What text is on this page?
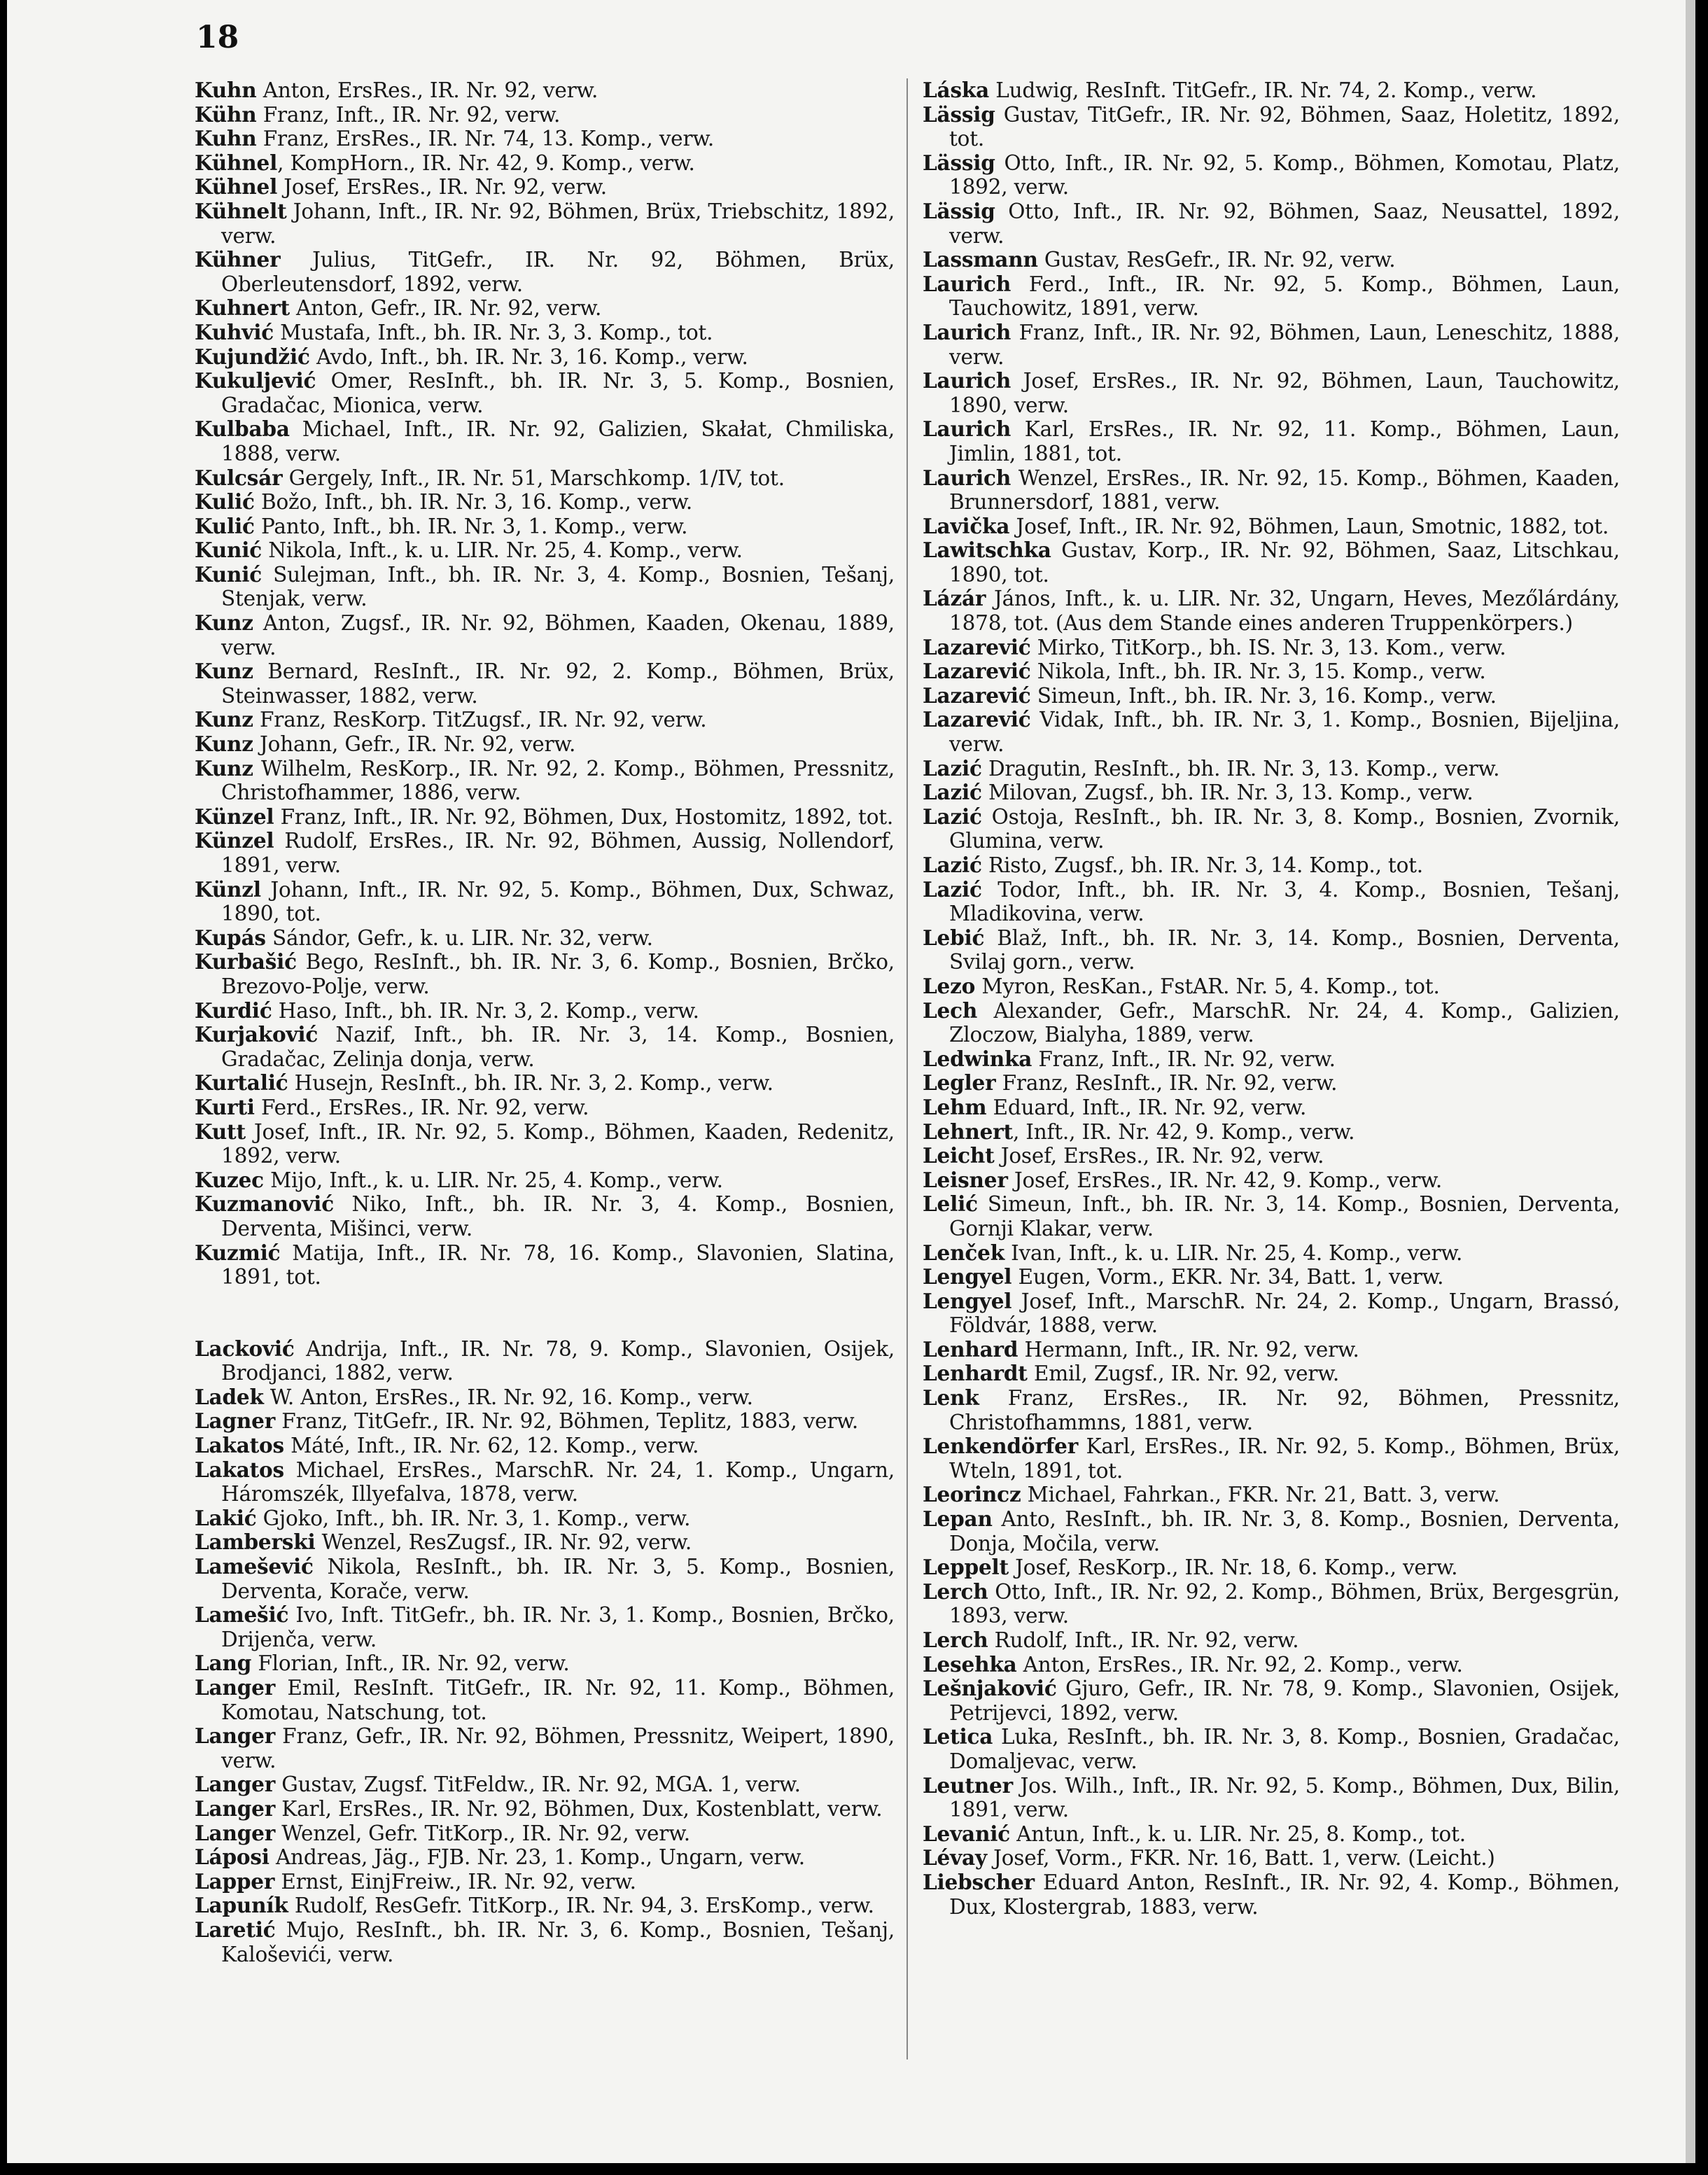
18

Kuhn Anton, ErsRes., IR. Nr. 92, verw.

Kühn Franz, Inft., IR. Nr. 92, verw.

Kuhn Franz, ErsRes., IR. Nr. 74, 13. Komp., verw.

Kühnel, KompHorn., IR. Nr. 42, 9. Komp., verw.

Kühnel Josef, ErsRes., IR. Nr. 92, verw.

Kühnelt Johann, Inft., IR. Nr. 92, Böhmen, Brüx, Triebschitz, 1892, verw.

Kühner Julius, TitGefr., IR. Nr. 92, Böhmen, Brüx, Oberleutensdorf, 1892, verw.

Kuhnert Anton, Gefr., IR. Nr. 92, verw.

Kuhvić Mustafa, Inft., bh. IR. Nr. 3, 3. Komp., tot.

Kujundžić Avdo, Inft., bh. IR. Nr. 3, 16. Komp., verw.

Kukuljević Omer, ResInft., bh. IR. Nr. 3, 5. Komp., Bosnien, Gradačac, Mionica, verw.

Kulbaba Michael, Inft., IR. Nr. 92, Galizien, Skałat, Chmiliska, 1888, verw.

Kulcsár Gergely, Inft., IR. Nr. 51, Marschkomp. 1/IV, tot.

Kulić Božo, Inft., bh. IR. Nr. 3, 16. Komp., verw.

Kulić Panto, Inft., bh. IR. Nr. 3, 1. Komp., verw.

Kunić Nikola, Inft., k. u. LIR. Nr. 25, 4. Komp., verw.

Kunić Sulejman, Inft., bh. IR. Nr. 3, 4. Komp., Bosnien, Tešanj, Stenjak, verw.

Kunz Anton, Zugsf., IR. Nr. 92, Böhmen, Kaaden, Okenau, 1889, verw.

Kunz Bernard, ResInft., IR. Nr. 92, 2. Komp., Böhmen, Brüx, Steinwasser, 1882, verw.

Kunz Franz, ResKorp. TitZugsf., IR. Nr. 92, verw.

Kunz Johann, Gefr., IR. Nr. 92, verw.

Kunz Wilhelm, ResKorp., IR. Nr. 92, 2. Komp., Böhmen, Pressnitz, Christofhammer, 1886, verw.

Künzel Franz, Inft., IR. Nr. 92, Böhmen, Dux, Hostomitz, 1892, tot.

Künzel Rudolf, ErsRes., IR. Nr. 92, Böhmen, Aussig, Nollendorf, 1891, verw.

Künzl Johann, Inft., IR. Nr. 92, 5. Komp., Böhmen, Dux, Schwaz, 1890, tot.

Kupás Sándor, Gefr., k. u. LIR. Nr. 32, verw.

Kurbašić Bego, ResInft., bh. IR. Nr. 3, 6. Komp., Bosnien, Brčko, Brezovo-Polje, verw.

Kurdić Haso, Inft., bh. IR. Nr. 3, 2. Komp., verw.

Kurjaković Nazif, Inft., bh. IR. Nr. 3, 14. Komp., Bosnien, Gradačac, Zelinja donja, verw.

Kurtalić Husejn, ResInft., bh. IR. Nr. 3, 2. Komp., verw.

Kurti Ferd., ErsRes., IR. Nr. 92, verw.

Kutt Josef, Inft., IR. Nr. 92, 5. Komp., Böhmen, Kaaden, Redenitz, 1892, verw.

Kuzec Mijo, Inft., k. u. LIR. Nr. 25, 4. Komp., verw.

Kuzmanović Niko, Inft., bh. IR. Nr. 3, 4. Komp., Bosnien, Derventa, Mišinci, verw.

Kuzmić Matija, Inft., IR. Nr. 78, 16. Komp., Slavonien, Slatina, 1891, tot.

Lacković Andrija, Inft., IR. Nr. 78, 9. Komp., Slavonien, Osijek, Brodjanci, 1882, verw.

Ladek W. Anton, ErsRes., IR. Nr. 92, 16. Komp., verw.

Lagner Franz, TitGefr., IR. Nr. 92, Böhmen, Teplitz, 1883, verw.

Lakatos Máté, Inft., IR. Nr. 62, 12. Komp., verw.

Lakatos Michael, ErsRes., MarschR. Nr. 24, 1. Komp., Ungarn, Háromszék, Illyefalva, 1878, verw.

Lakić Gjoko, Inft., bh. IR. Nr. 3, 1. Komp., verw.

Lamberski Wenzel, ResZugsf., IR. Nr. 92, verw.

Lamešević Nikola, ResInft., bh. IR. Nr. 3, 5. Komp., Bosnien, Derventa, Korače, verw.

Lamešić Ivo, Inft. TitGefr., bh. IR. Nr. 3, 1. Komp., Bosnien, Brčko, Drijenča, verw.

Lang Florian, Inft., IR. Nr. 92, verw.

Langer Emil, ResInft. TitGefr., IR. Nr. 92, 11. Komp., Böhmen, Komotau, Natschung, tot.

Langer Franz, Gefr., IR. Nr. 92, Böhmen, Pressnitz, Weipert, 1890, verw.

Langer Gustav, Zugsf. TitFeldw., IR. Nr. 92, MGA. 1, verw.

Langer Karl, ErsRes., IR. Nr. 92, Böhmen, Dux, Kostenblatt, verw.

Langer Wenzel, Gefr. TitKorp., IR. Nr. 92, verw.

Láposi Andreas, Jäg., FJB. Nr. 23, 1. Komp., Ungarn, verw.

Lapper Ernst, EinjFreiw., IR. Nr. 92, verw.

Lapuník Rudolf, ResGefr. TitKorp., IR. Nr. 94, 3. ErsKomp., verw.

Laretić Mujo, ResInft., bh. IR. Nr. 3, 6. Komp., Bosnien, Tešanj, Kaloševići, verw.

Láska Ludwig, ResInft. TitGefr., IR. Nr. 74, 2. Komp., verw.

Lässig Gustav, TitGefr., IR. Nr. 92, Böhmen, Saaz, Holetitz, 1892, tot.

Lässig Otto, Inft., IR. Nr. 92, 5. Komp., Böhmen, Komotau, Platz, 1892, verw.

Lässig Otto, Inft., IR. Nr. 92, Böhmen, Saaz, Neusattel, 1892, verw.

Lassmann Gustav, ResGefr., IR. Nr. 92, verw.

Laurich Ferd., Inft., IR. Nr. 92, 5. Komp., Böhmen, Laun, Tauchowitz, 1891, verw.

Laurich Franz, Inft., IR. Nr. 92, Böhmen, Laun, Leneschitz, 1888, verw.

Laurich Josef, ErsRes., IR. Nr. 92, Böhmen, Laun, Tauchowitz, 1890, verw.

Laurich Karl, ErsRes., IR. Nr. 92, 11. Komp., Böhmen, Laun, Jimlin, 1881, tot.

Laurich Wenzel, ErsRes., IR. Nr. 92, 15. Komp., Böhmen, Kaaden, Brunnersdorf, 1881, verw.

Lavička Josef, Inft., IR. Nr. 92, Böhmen, Laun, Smotnic, 1882, tot.

Lawitschka Gustav, Korp., IR. Nr. 92, Böhmen, Saaz, Litschkau, 1890, tot.

Lázár János, Inft., k. u. LIR. Nr. 32, Ungarn, Heves, Mezőlárdány, 1878, tot. (Aus dem Stande eines anderen Truppenkörpers.)

Lazarević Mirko, TitKorp., bh. IS. Nr. 3, 13. Kom., verw.

Lazarević Nikola, Inft., bh. IR. Nr. 3, 15. Komp., verw.

Lazarević Simeun, Inft., bh. IR. Nr. 3, 16. Komp., verw.

Lazarević Vidak, Inft., bh. IR. Nr. 3, 1. Komp., Bosnien, Bijeljina, verw.

Lazić Dragutin, ResInft., bh. IR. Nr. 3, 13. Komp., verw.

Lazić Milovan, Zugsf., bh. IR. Nr. 3, 13. Komp., verw.

Lazić Ostoja, ResInft., bh. IR. Nr. 3, 8. Komp., Bosnien, Zvornik, Glumina, verw.

Lazić Risto, Zugsf., bh. IR. Nr. 3, 14. Komp., tot.

Lazić Todor, Inft., bh. IR. Nr. 3, 4. Komp., Bosnien, Tešanj, Mladikovina, verw.

Lebić Blaž, Inft., bh. IR. Nr. 3, 14. Komp., Bosnien, Derventa, Svilaj gorn., verw.

Lezo Myron, ResKan., FstAR. Nr. 5, 4. Komp., tot.

Lech Alexander, Gefr., MarschR. Nr. 24, 4. Komp., Galizien, Zloczow, Bialyha, 1889, verw.

Ledwinka Franz, Inft., IR. Nr. 92, verw.

Legler Franz, ResInft., IR. Nr. 92, verw.

Lehm Eduard, Inft., IR. Nr. 92, verw.

Lehnert, Inft., IR. Nr. 42, 9. Komp., verw.

Leicht Josef, ErsRes., IR. Nr. 92, verw.

Leisner Josef, ErsRes., IR. Nr. 42, 9. Komp., verw.

Lelić Simeun, Inft., bh. IR. Nr. 3, 14. Komp., Bosnien, Derventa, Gornji Klakar, verw.

Lenček Ivan, Inft., k. u. LIR. Nr. 25, 4. Komp., verw.

Lengyel Eugen, Vorm., EKR. Nr. 34, Batt. 1, verw.

Lengyel Josef, Inft., MarschR. Nr. 24, 2. Komp., Ungarn, Brassó, Földvár, 1888, verw.

Lenhard Hermann, Inft., IR. Nr. 92, verw.

Lenhardt Emil, Zugsf., IR. Nr. 92, verw.

Lenk Franz, ErsRes., IR. Nr. 92, Böhmen, Pressnitz, Christofhammns, 1881, verw.

Lenkendörfer Karl, ErsRes., IR. Nr. 92, 5. Komp., Böhmen, Brüx, Wteln, 1891, tot.

Leorincz Michael, Fahrkan., FKR. Nr. 21, Batt. 3, verw.

Lepan Anto, ResInft., bh. IR. Nr. 3, 8. Komp., Bosnien, Derventa, Donja, Močila, verw.

Leppelt Josef, ResKorp., IR. Nr. 18, 6. Komp., verw.

Lerch Otto, Inft., IR. Nr. 92, 2. Komp., Böhmen, Brüx, Bergesgrün, 1893, verw.

Lerch Rudolf, Inft., IR. Nr. 92, verw.

Lesehka Anton, ErsRes., IR. Nr. 92, 2. Komp., verw.

Lešnjaković Gjuro, Gefr., IR. Nr. 78, 9. Komp., Slavonien, Osijek, Petrijevci, 1892, verw.

Letica Luka, ResInft., bh. IR. Nr. 3, 8. Komp., Bosnien, Gradačac, Domaljevac, verw.

Leutner Jos. Wilh., Inft., IR. Nr. 92, 5. Komp., Böhmen, Dux, Bilin, 1891, verw.

Levanić Antun, Inft., k. u. LIR. Nr. 25, 8. Komp., tot.

Lévay Josef, Vorm., FKR. Nr. 16, Batt. 1, verw. (Leicht.)

Liebscher Eduard Anton, ResInft., IR. Nr. 92, 4. Komp., Böhmen, Dux, Klostergrab, 1883, verw.
